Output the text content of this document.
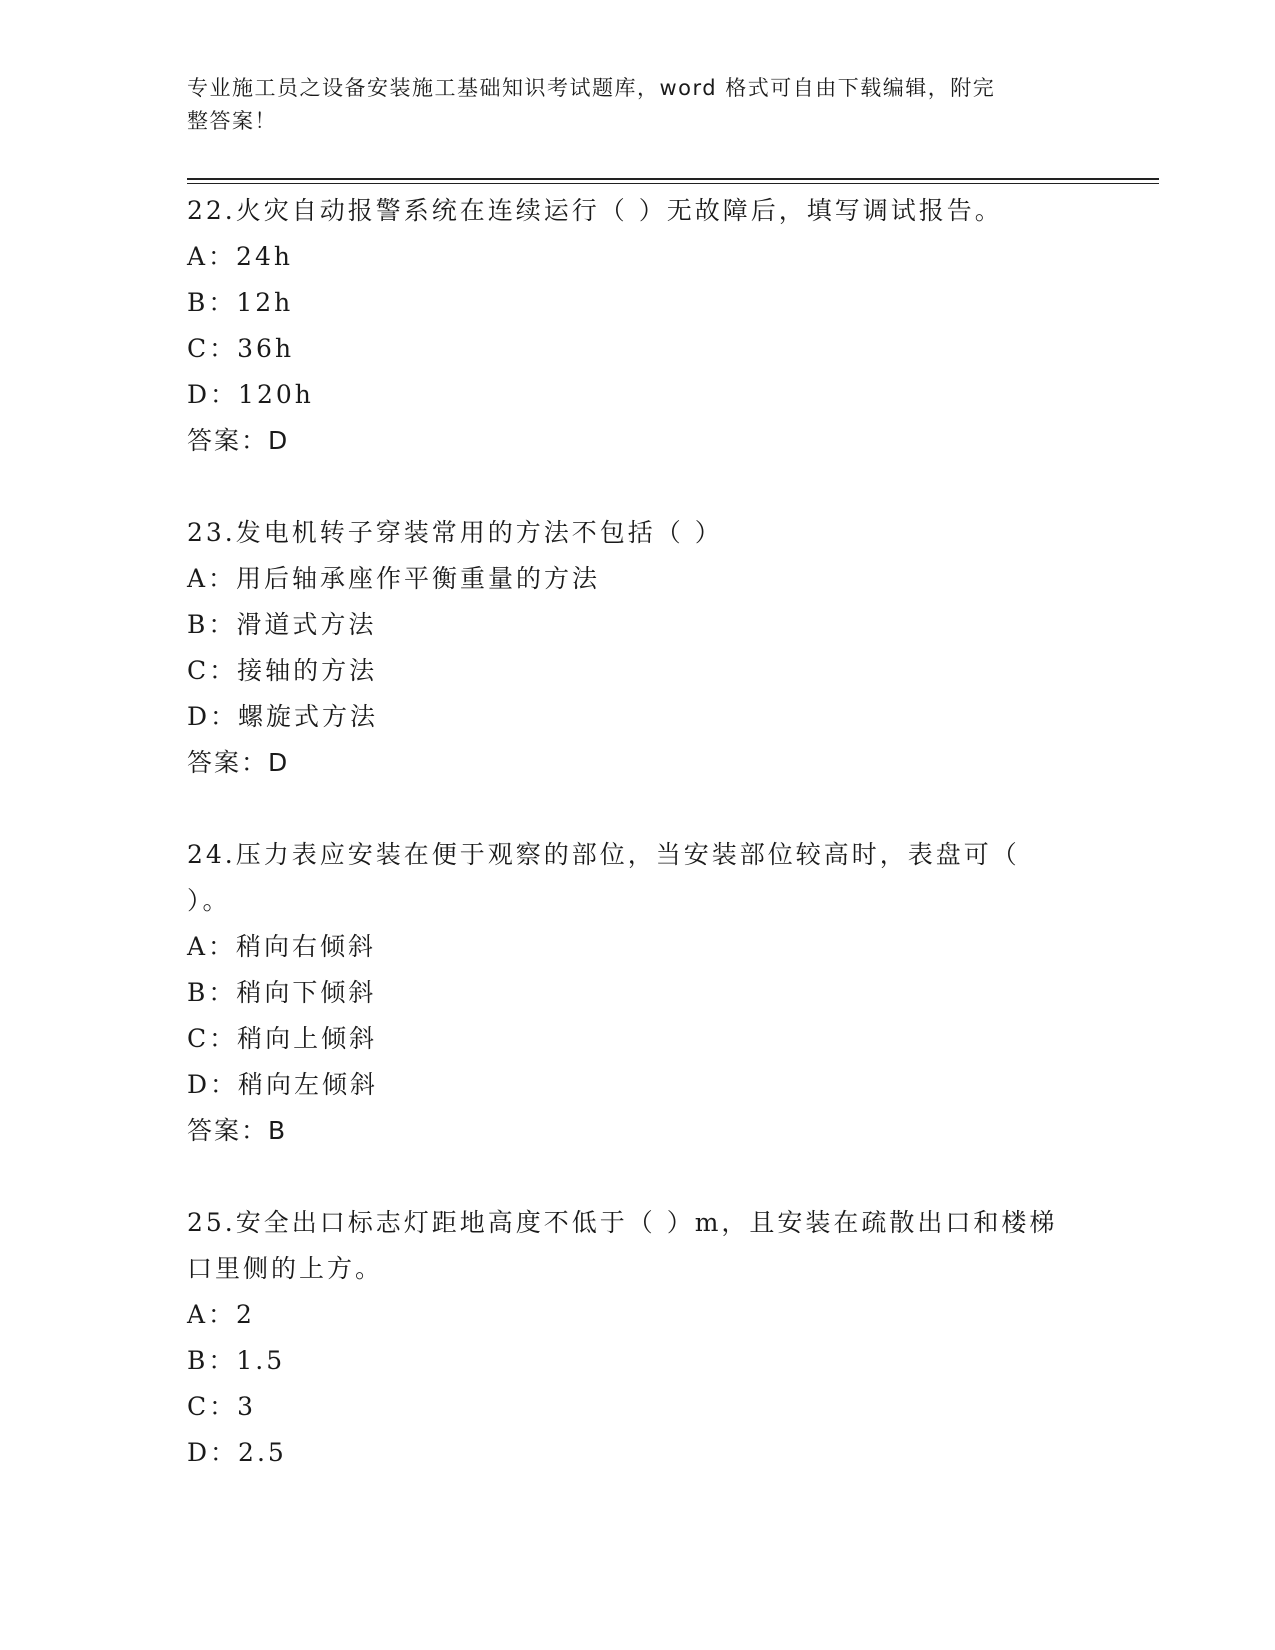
专业施工员之设备安装施工基础知识考试题库，word 格式可自由下载编辑，附完
整答案！
22.火灾自动报警系统在连续运行（ ）无故障后，填写调试报告。
A：24h
B：12h
C：36h
D：120h
答案：D
23.发电机转子穿装常用的方法不包括（ ）
A：用后轴承座作平衡重量的方法
B：滑道式方法
C：接轴的方法
D：螺旋式方法
答案：D
24.压力表应安装在便于观察的部位，当安装部位较高时，表盘可（
）。
A：稍向右倾斜
B：稍向下倾斜
C：稍向上倾斜
D：稍向左倾斜
答案：B
25.安全出口标志灯距地高度不低于（ ）m，且安装在疏散出口和楼梯
口里侧的上方。
A：2
B：1.5
C：3
D：2.5
